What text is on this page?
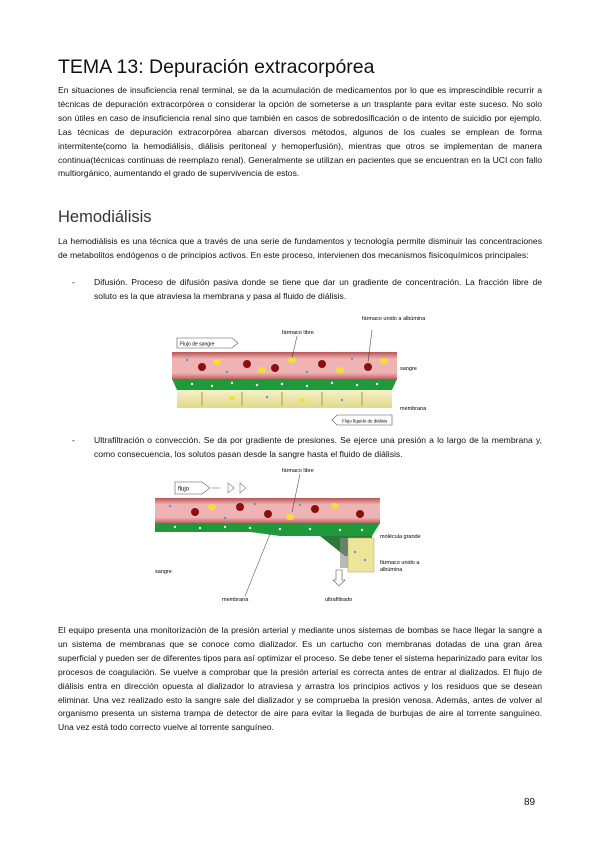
TEMA 13: Depuración extracorpórea

En situaciones de insuficiencia renal terminal, se da la acumulación de medicamentos por lo que es imprescindible recurrir a técnicas de depuración extracorpórea o considerar la opción de someterse a un trasplante para evitar este suceso. No solo son útiles en caso de insuficiencia renal sino que también en casos de sobredosificación o de intento de suicidio por ejemplo. Las técnicas de depuración extracorpórea abarcan diversos métodos, algunos de los cuales se emplean de forma intermitente(como la hemodiálisis, diálisis peritoneal y hemoperfusión), mientras que otros se implementan de manera continua(técnicas continuas de reemplazo renal). Generalmente se utilizan en pacientes que se encuentran en la UCI con fallo multiorgánico, aumentando el grado de supervivencia de estos.

Hemodiálisis

La hemodiálisis es una técnica que a través de una serie de fundamentos y tecnología permite disminuir las concentraciones de metabolitos endógenos o de principios activos. En este proceso, intervienen dos mecanismos fisicoquímicos principales:

- Difusión. Proceso de difusión pasiva donde se tiene que dar un gradiente de concentración. La fracción libre de soluto es la que atraviesa la membrana y pasa al fluido de diálisis.
Flujo de sangre
fármaco libre
fármaco unido a albúmina
sangre
membrana
Flujo líquido de diálisis
- Ultrafiltración o convección. Se da por gradiente de presiones. Se ejerce una presión a lo largo de la membrana y, como consecuencia, los solutos pasan desde la sangre hasta el fluido de diálisis.
flujo
fármaco libre
molécula grande
fármaco unido a
albúmina
sangre
membrana	ultrafiltrado

El equipo presenta una monitorización de la presión arterial y mediante unos sistemas de bombas se hace llegar la sangre a un sistema de membranas que se conoce como dializador. Es un cartucho con membranas dotadas de una gran área superficial y pueden ser de diferentes tipos para así optimizar el proceso. Se debe tener el sistema heparinizado para evitar los procesos de coagulación. Se vuelve a comprobar que la presión arterial es correcta antes de entrar al dializados. El flujo de diálisis entra en dirección opuesta al dializador lo atraviesa y arrastra los principios activos y los residuos que se desean eliminar. Una vez realizado esto la sangre sale del dializador y se comprueba la presión venosa. Además, antes de volver al organismo presenta un sistema trampa de detector de aire para evitar la llegada de burbujas de aire al torrente sanguíneo. Una vez está todo correcto vuelve al torrente sanguíneo.

89
